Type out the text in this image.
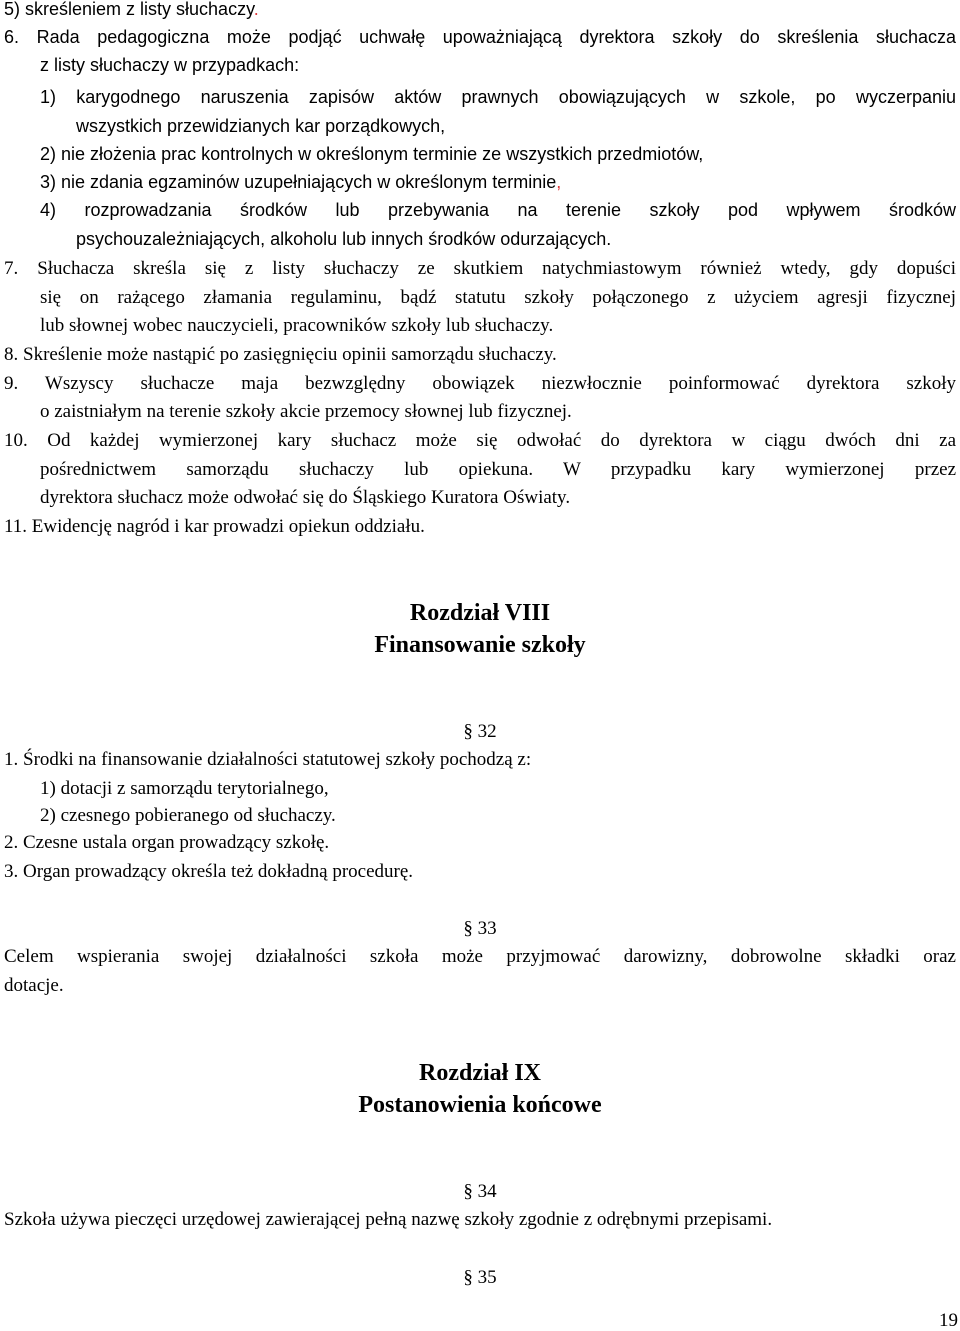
5) skreśleniem z listy słuchaczy.
6. Rada pedagogiczna może podjąć uchwałę upoważniającą dyrektora szkoły do skreślenia słuchacza
z listy słuchaczy w przypadkach:
1) karygodnego naruszenia zapisów aktów prawnych obowiązujących w szkole, po wyczerpaniu
wszystkich przewidzianych kar porządkowych,
2) nie złożenia prac kontrolnych w określonym terminie ze wszystkich przedmiotów,
3) nie zdania egzaminów uzupełniających w określonym terminie,
4) rozprowadzania środków lub przebywania na terenie szkoły pod wpływem środków
psychouzależniających, alkoholu lub innych środków odurzających.
7. Słuchacza skreśla się z listy słuchaczy ze skutkiem natychmiastowym również wtedy, gdy dopuści
się on rażącego złamania regulaminu, bądź statutu szkoły połączonego z użyciem agresji fizycznej
lub słownej wobec nauczycieli, pracowników szkoły lub słuchaczy.
8. Skreślenie może nastąpić po zasięgnięciu opinii samorządu słuchaczy.
9. Wszyscy słuchacze maja bezwzględny obowiązek niezwłocznie poinformować dyrektora szkoły
o zaistniałym na terenie szkoły akcie przemocy słownej lub fizycznej.
10. Od każdej wymierzonej kary słuchacz może się odwołać do dyrektora w ciągu dwóch dni za
pośrednictwem samorządu słuchaczy lub opiekuna. W przypadku kary wymierzonej przez
dyrektora słuchacz może odwołać się do Śląskiego Kuratora Oświaty.
11. Ewidencję nagród i kar prowadzi opiekun oddziału.
Rozdział VIII
Finansowanie szkoły
§ 32
1. Środki na finansowanie działalności statutowej szkoły pochodzą z:
1) dotacji z samorządu terytorialnego,
2) czesnego pobieranego od słuchaczy.
2. Czesne ustala organ prowadzący szkołę.
3. Organ prowadzący określa też dokładną procedurę.
§ 33
Celem wspierania swojej działalności szkoła może przyjmować darowizny, dobrowolne składki oraz
dotacje.
Rozdział IX
Postanowienia końcowe
§ 34
Szkoła używa pieczęci urzędowej zawierającej pełną nazwę szkoły zgodnie z odrębnymi przepisami.
§ 35
19
